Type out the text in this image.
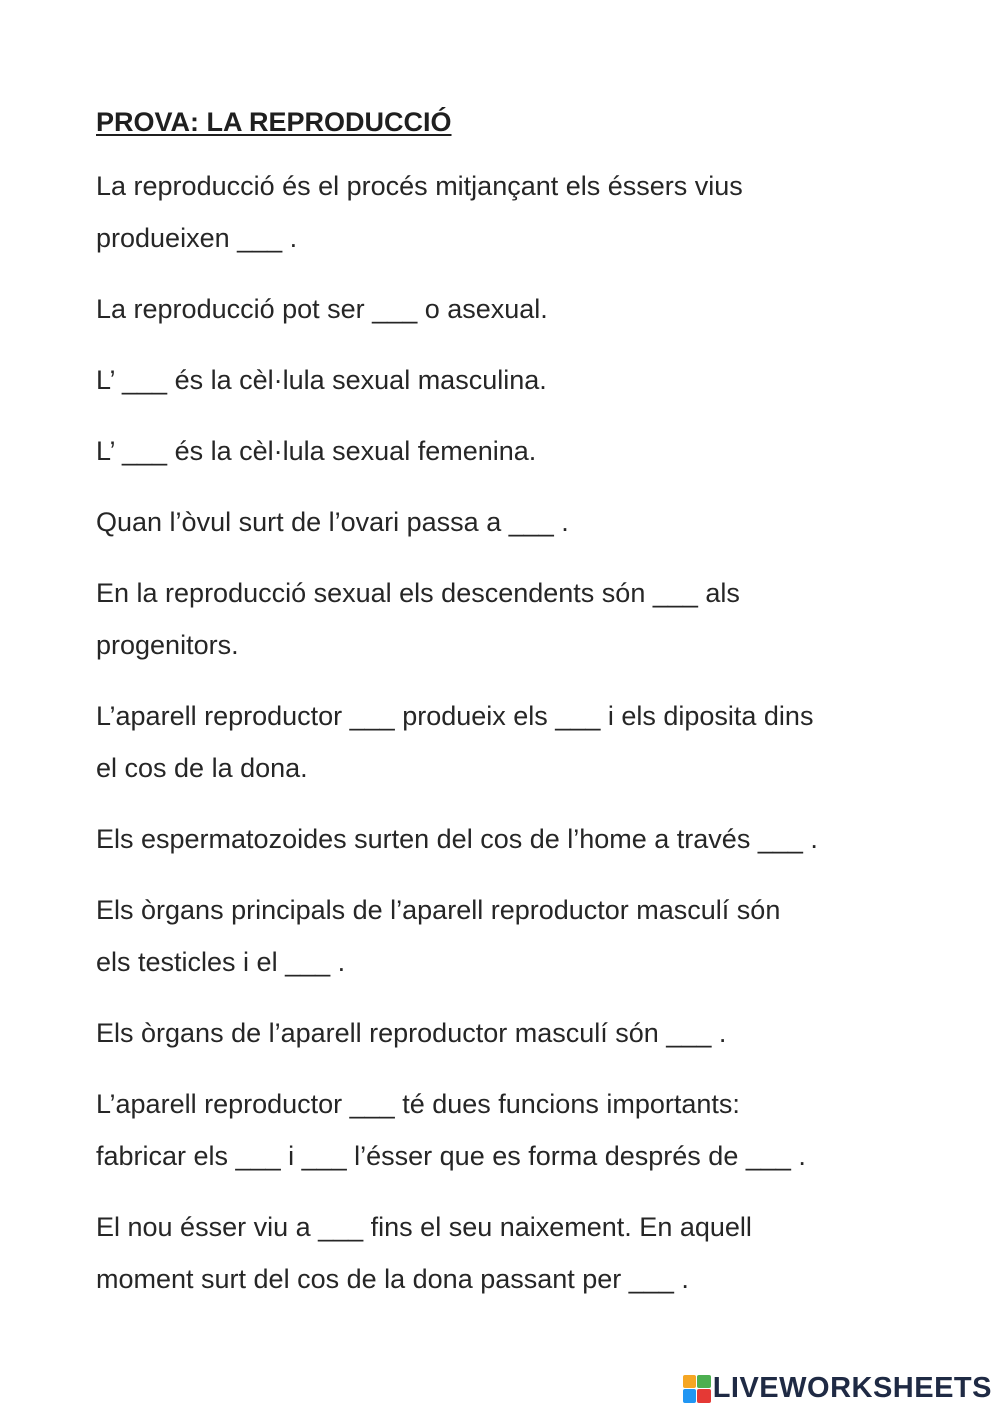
PROVA: LA REPRODUCCIÓ
La reproducció és el procés mitjançant els éssers vius
produeixen ___ .
La reproducció pot ser ___ o asexual.
L’ ___ és la cèl·lula sexual masculina.
L’ ___ és la cèl·lula sexual femenina.
Quan l’òvul surt de l’ovari passa a ___ .
En la reproducció sexual els descendents són ___ als
progenitors.
L’aparell reproductor ___ produeix els ___ i els diposita dins
el cos de la dona.
Els espermatozoides surten del cos de l’home a través ___ .
Els òrgans principals de l’aparell reproductor masculí són
els testicles i el ___ .
Els òrgans de l’aparell reproductor masculí són ___ .
L’aparell reproductor ___ té dues funcions importants:
fabricar els ___ i ___ l’ésser que es forma després de ___ .
El nou ésser viu a ___ fins el seu naixement. En aquell
moment surt del cos de la dona passant per ___ .
LIVEWORKSHEETS
